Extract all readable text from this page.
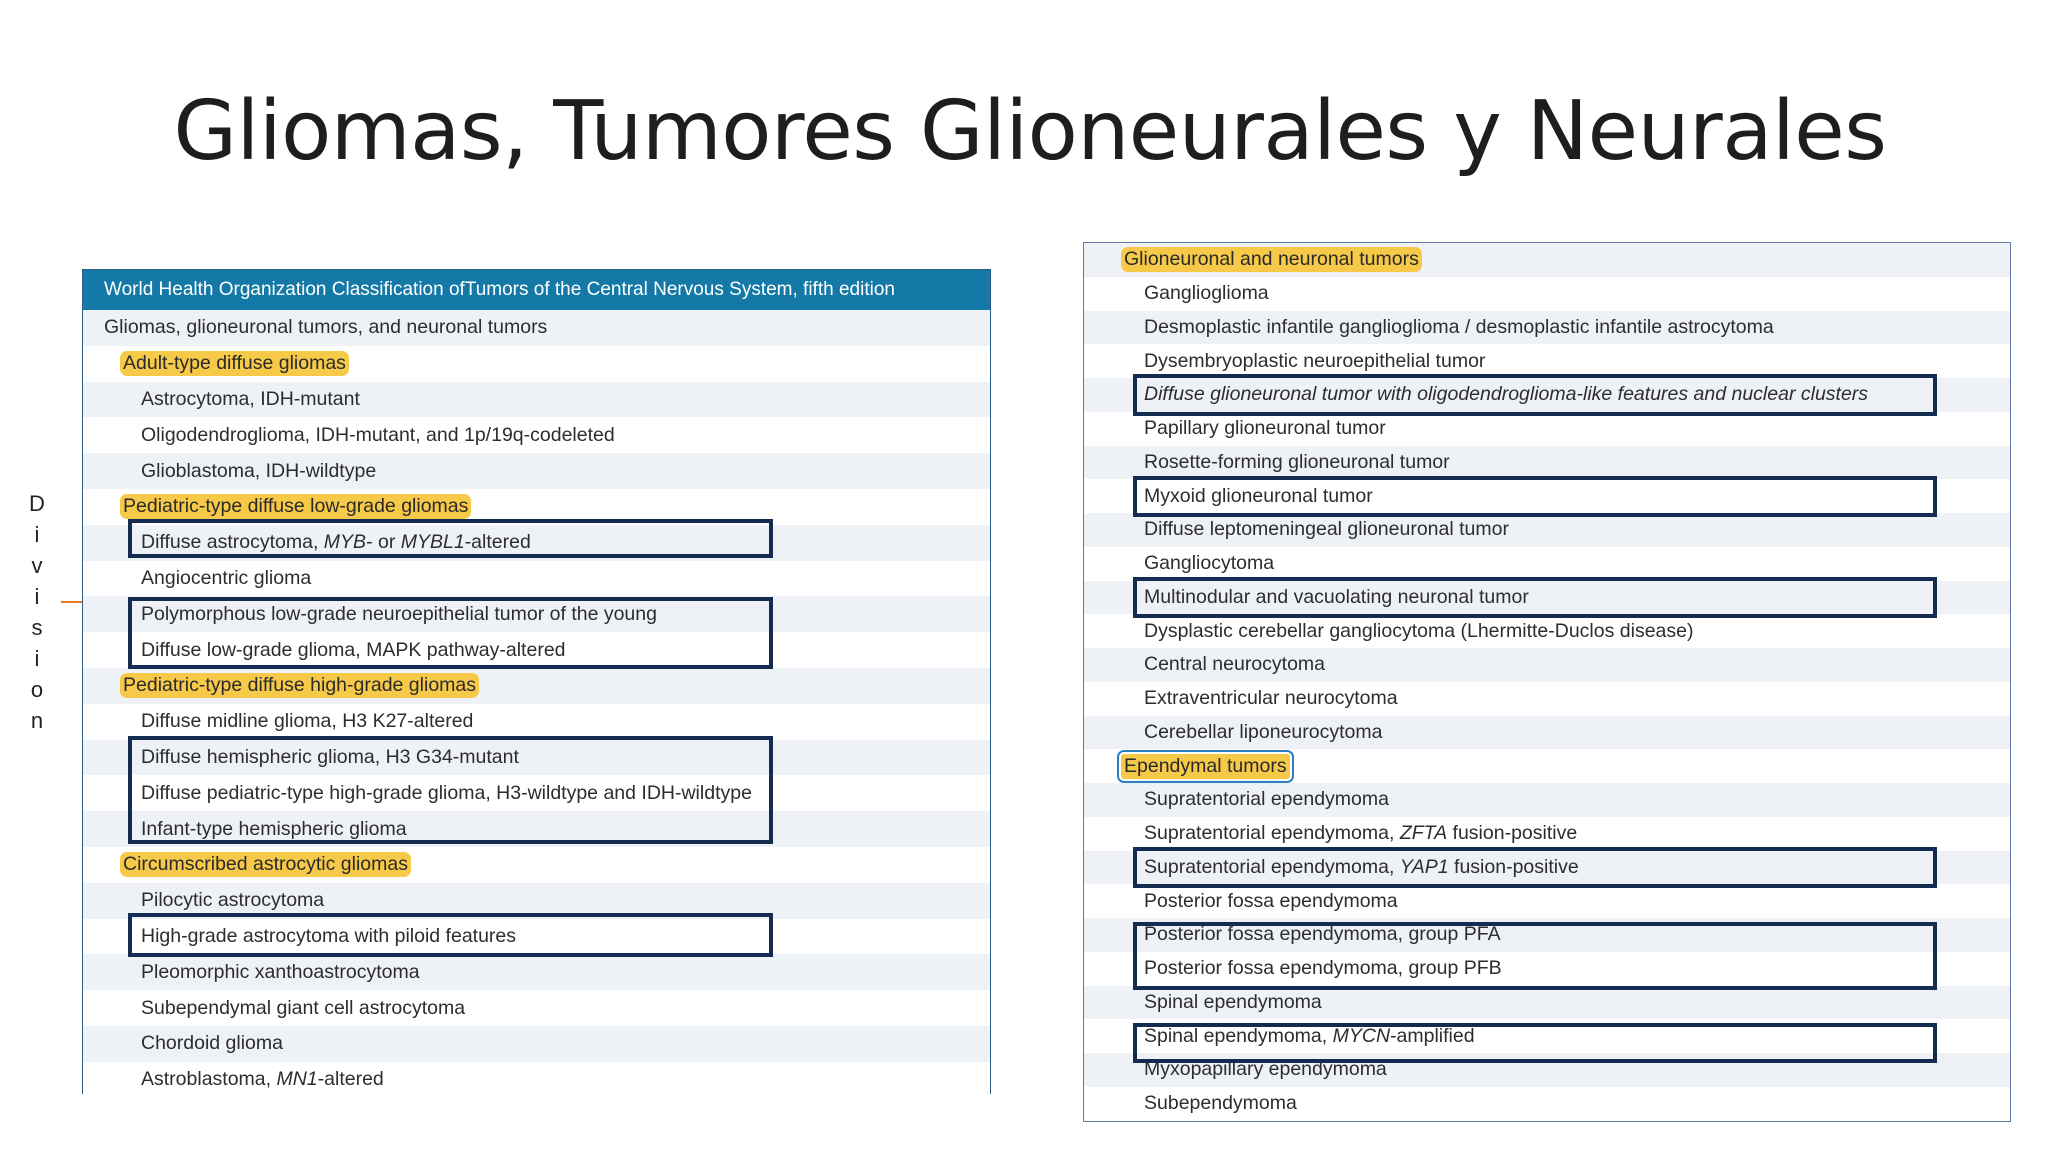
Gliomas, Tumores Glioneurales y Neurales
D
i
v
i
s
i
o
n
World Health Organization Classification ofTumors of the Central Nervous System, fifth edition
Gliomas, glioneuronal tumors, and neuronal tumors
Adult-type diffuse gliomas
Astrocytoma, IDH-mutant
Oligodendroglioma, IDH-mutant, and 1p/19q-codeleted
Glioblastoma, IDH-wildtype
Pediatric-type diffuse low-grade gliomas
Diffuse astrocytoma, MYB- or MYBL1-altered
Angiocentric glioma
Polymorphous low-grade neuroepithelial tumor of the young
Diffuse low-grade glioma, MAPK pathway-altered
Pediatric-type diffuse high-grade gliomas
Diffuse midline glioma, H3 K27-altered
Diffuse hemispheric glioma, H3 G34-mutant
Diffuse pediatric-type high-grade glioma, H3-wildtype and IDH-wildtype
Infant-type hemispheric glioma
Circumscribed astrocytic gliomas
Pilocytic astrocytoma
High-grade astrocytoma with piloid features
Pleomorphic xanthoastrocytoma
Subependymal giant cell astrocytoma
Chordoid glioma
Astroblastoma, MN1-altered
Glioneuronal and neuronal tumors
Ganglioglioma
Desmoplastic infantile ganglioglioma / desmoplastic infantile astrocytoma
Dysembryoplastic neuroepithelial tumor
Diffuse glioneuronal tumor with oligodendroglioma-like features and nuclear clusters
Papillary glioneuronal tumor
Rosette-forming glioneuronal tumor
Myxoid glioneuronal tumor
Diffuse leptomeningeal glioneuronal tumor
Gangliocytoma
Multinodular and vacuolating neuronal tumor
Dysplastic cerebellar gangliocytoma (Lhermitte-Duclos disease)
Central neurocytoma
Extraventricular neurocytoma
Cerebellar liponeurocytoma
Ependymal tumors
Supratentorial ependymoma
Supratentorial ependymoma, ZFTA fusion-positive
Supratentorial ependymoma, YAP1 fusion-positive
Posterior fossa ependymoma
Posterior fossa ependymoma, group PFA
Posterior fossa ependymoma, group PFB
Spinal ependymoma
Spinal ependymoma, MYCN-amplified
Myxopapillary ependymoma
Subependymoma
